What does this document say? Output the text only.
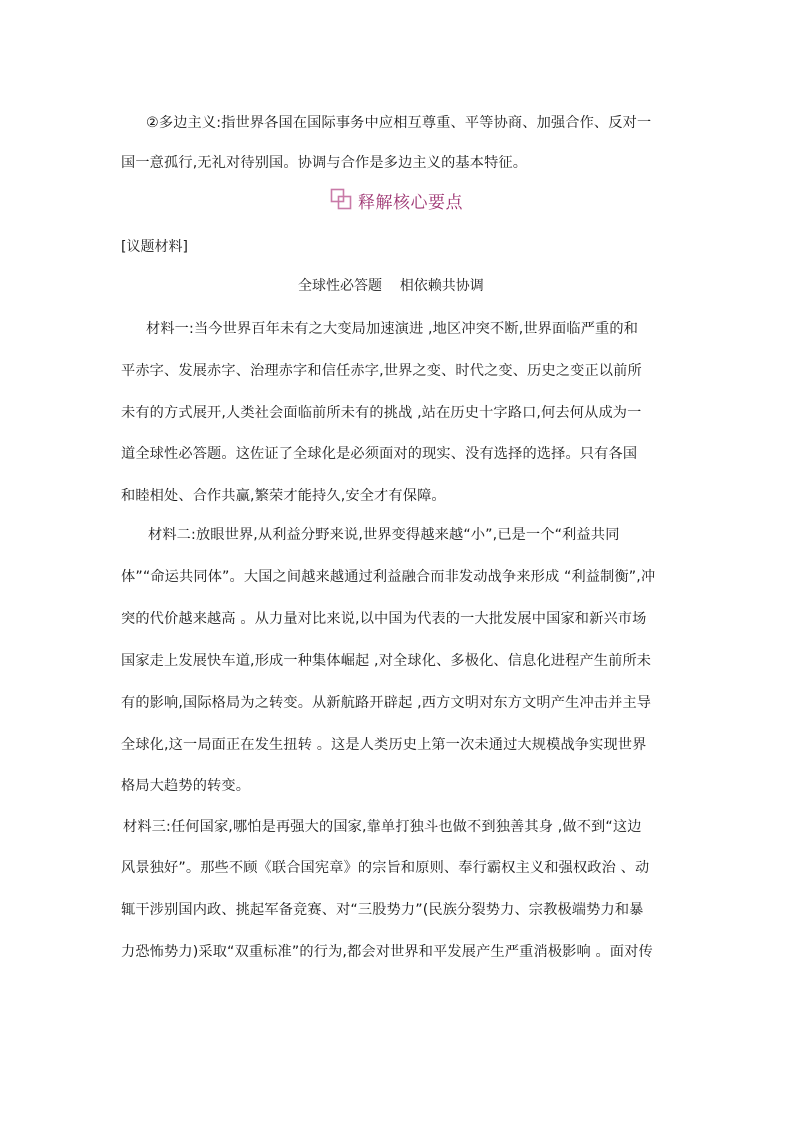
②多边主义:指世界各国在国际事务中应相互尊重、平等协商、加强合作、反对一
国一意孤行,无礼对待别国。协调与合作是多边主义的基本特征。
释解核心要点
[议题材料]
全球性必答题    相依赖共协调
材料一:当今世界百年未有之大变局加速演进 ,地区冲突不断,世界面临严重的和
平赤字、发展赤字、治理赤字和信任赤字,世界之变、时代之变、历史之变正以前所
未有的方式展开,人类社会面临前所未有的挑战 ,站在历史十字路口,何去何从成为一
道全球性必答题。这佐证了全球化是必须面对的现实、没有选择的选择。只有各国
和睦相处、合作共赢,繁荣才能持久,安全才有保障。
材料二:放眼世界,从利益分野来说,世界变得越来越“小”,已是一个“利益共同
体”“命运共同体”。大国之间越来越通过利益融合而非发动战争来形成 “利益制衡”,冲
突的代价越来越高 。从力量对比来说,以中国为代表的一大批发展中国家和新兴市场
国家走上发展快车道,形成一种集体崛起 ,对全球化、多极化、信息化进程产生前所未
有的影响,国际格局为之转变。从新航路开辟起 ,西方文明对东方文明产生冲击并主导
全球化,这一局面正在发生扭转 。这是人类历史上第一次未通过大规模战争实现世界
格局大趋势的转变。
材料三:任何国家,哪怕是再强大的国家,靠单打独斗也做不到独善其身 ,做不到“这边
风景独好”。那些不顾《联合国宪章》的宗旨和原则、奉行霸权主义和强权政治 、动
辄干涉别国内政、挑起军备竞赛、对“三股势力”(民族分裂势力、宗教极端势力和暴
力恐怖势力)采取“双重标准”的行为,都会对世界和平发展产生严重消极影响 。面对传
